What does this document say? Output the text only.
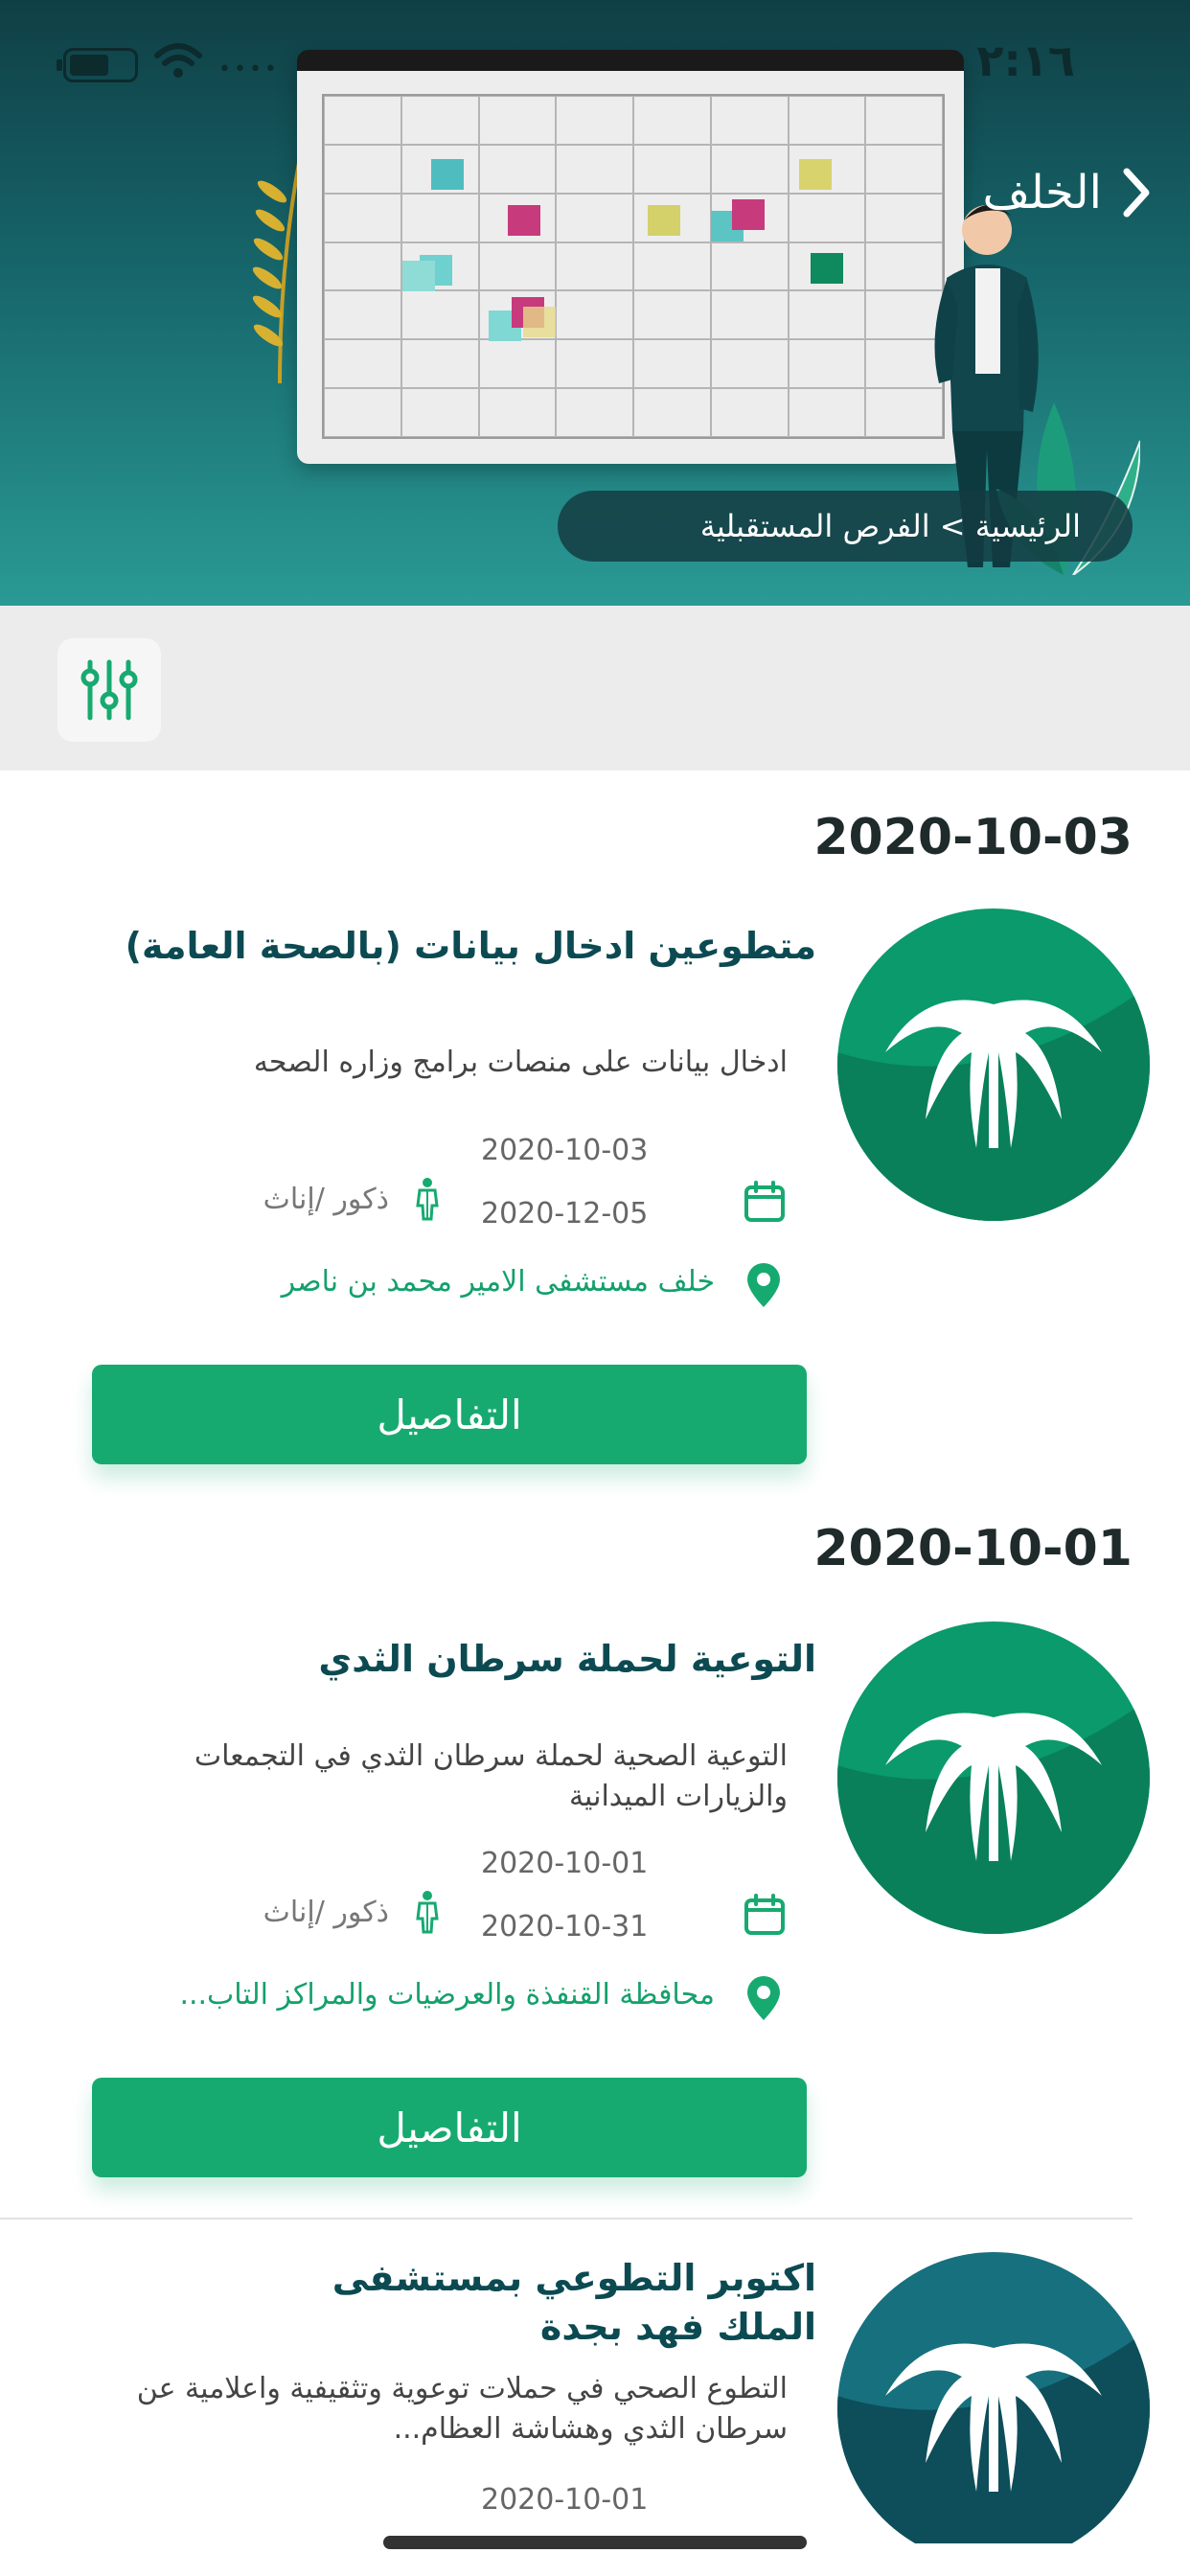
••••	٢:١٦
الخلف
الرئيسية > الفرص المستقبلية
2020-10-03
متطوعين ادخال بيانات (بالصحة العامة)
ادخال بيانات على منصات برامج وزاره الصحه
2020-10-03
2020-12-05
ذكور /إناث
خلف مستشفى الامير محمد بن ناصر
التفاصيل
2020-10-01
التوعية لحملة سرطان الثدي
التوعية الصحية لحملة سرطان الثدي في التجمعات والزيارات الميدانية
2020-10-01
2020-10-31
ذكور /إناث
محافظة القنفذة والعرضيات والمراكز التاب...
التفاصيل
اكتوبر التطوعي بمستشفى الملك فهد بجدة
التطوع الصحي في حملات توعوية وتثقيفية واعلامية عن سرطان الثدي وهشاشة العظام...
2020-10-01
